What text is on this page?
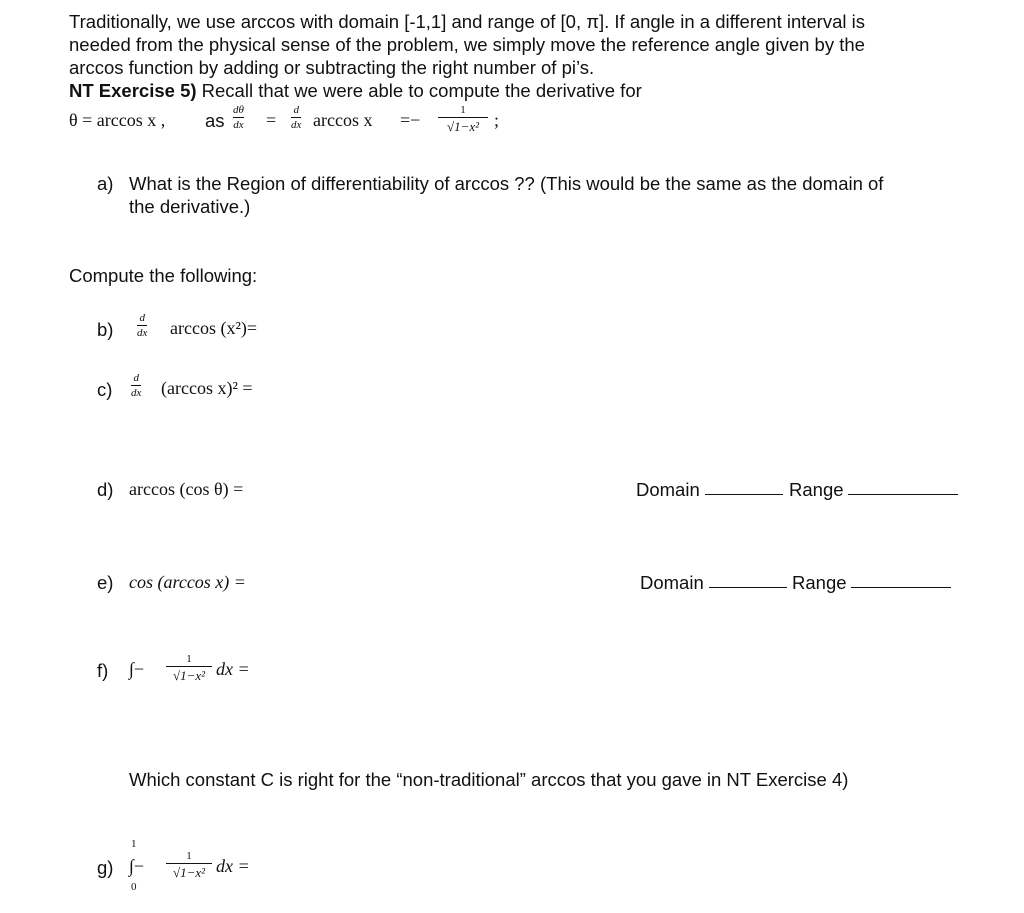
Traditionally, we use arccos with domain [-1,1] and range of [0, π]. If angle in a different interval is
needed from the physical sense of the problem, we simply move the reference angle given by the
arccos function by adding or subtracting the right number of pi’s.
NT Exercise 5) Recall that we were able to compute the derivative for
θ = arccos x , as dθ
dx = d
dx arccos x =−	1
√1−x² ;
a) What is the Region of differentiability of arccos ?? (This would be the same as the domain of
the derivative.)
Compute the following:
b)
d
dx arccos (x²)=
c)
d
dx (arccos x)² =
d) arccos (cos θ) =	Domain	Range
e) cos (arccos x) =	Domain	Range
f) ∫−	1
√1−x² dx =
Which constant C is right for the “non-traditional” arccos that you gave in NT Exercise 4)
1
g) ∫−
0
1
√1−x² dx =
